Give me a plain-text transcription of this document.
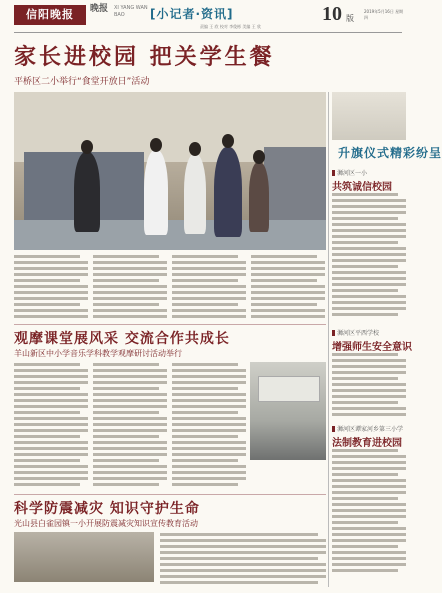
信阳晚报	晚报	XI YANG WAN BAO	[小记者·资讯]	10 版
2019年5月16日 星期四
责编 王 欣 校对 李俊彬 美编 王 欣
家长进校园 把关学生餐
平桥区二小举行“食堂开放日”活动
观摩课堂展风采 交流合作共成长
羊山新区中小学音乐学科教学观摩研讨活动举行
科学防震减灾 知识守护生命
光山县白雀园镇一小开展防震减灾知识宣传教育活动
升旗仪式精彩纷呈
浉河区一小
共筑诚信校园
浉河区平西学校
增强师生安全意识
浉河区谭家河乡第三小学
法制教育进校园
